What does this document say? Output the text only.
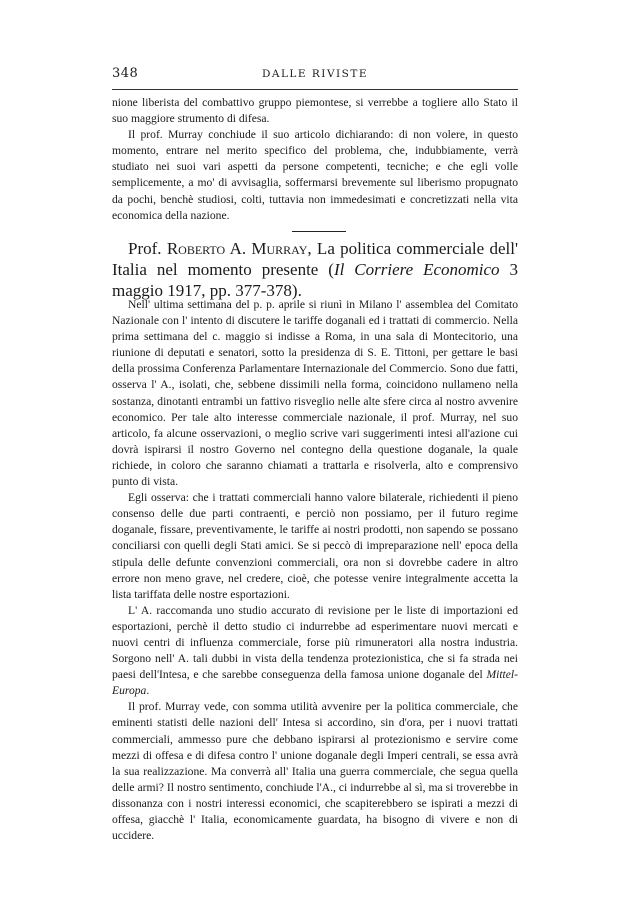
348	DALLE RIVISTE

nione liberista del combattivo gruppo piemontese, si verrebbe a togliere allo Stato il suo maggiore strumento di difesa.

Il prof. Murray conchiude il suo articolo dichiarando: di non volere, in questo momento, entrare nel merito specifico del problema, che, indubbiamente, verrà studiato nei suoi vari aspetti da persone competenti, tecniche; e che egli volle semplicemente, a mo' di avvisaglia, soffermarsi brevemente sul liberismo propugnato da pochi, benchè studiosi, colti, tuttavia non immedesimati e concretizzati nella vita economica della nazione.

Prof. Roberto A. Murray, La politica commerciale dell' Italia nel momento presente (Il Corriere Economico 3 maggio 1917, pp. 377-378).

Nell' ultima settimana del p. p. aprile si riunì in Milano l' assemblea del Comitato Nazionale con l' intento di discutere le tariffe doganali ed i trattati di commercio. Nella prima settimana del c. maggio si indisse a Roma, in una sala di Montecitorio, una riunione di deputati e senatori, sotto la presidenza di S. E. Tittoni, per gettare le basi della prossima Conferenza Parlamentare Internazionale del Commercio. Sono due fatti, osserva l' A., isolati, che, sebbene dissimili nella forma, coincidono nullameno nella sostanza, dinotanti entrambi un fattivo risveglio nelle alte sfere circa al nostro avvenire economico. Per tale alto interesse commerciale nazionale, il prof. Murray, nel suo articolo, fa alcune osservazioni, o meglio scrive vari suggerimenti intesi all'azione cui dovrà ispirarsi il nostro Governo nel contegno della questione doganale, la quale richiede, in coloro che saranno chiamati a trattarla e risolverla, alto e comprensivo punto di vista.

Egli osserva: che i trattati commerciali hanno valore bilaterale, richiedenti il pieno consenso delle due parti contraenti, e perciò non possiamo, per il futuro regime doganale, fissare, preventivamente, le tariffe ai nostri prodotti, non sapendo se possano conciliarsi con quelli degli Stati amici. Se si peccò di impreparazione nell' epoca della stipula delle defunte convenzioni commerciali, ora non si dovrebbe cadere in altro errore non meno grave, nel credere, cioè, che potesse venire integralmente accetta la lista tariffata delle nostre esportazioni.

L' A. raccomanda uno studio accurato di revisione per le liste di importazioni ed esportazioni, perchè il detto studio ci indurrebbe ad esperimentare nuovi mercati e nuovi centri di influenza commerciale, forse più rimuneratori alla nostra industria. Sorgono nell' A. tali dubbi in vista della tendenza protezionistica, che si fa strada nei paesi dell'Intesa, e che sarebbe conseguenza della famosa unione doganale del Mittel-Europa.

Il prof. Murray vede, con somma utilità avvenire per la politica commerciale, che eminenti statisti delle nazioni dell' Intesa si accordino, sin d'ora, per i nuovi trattati commerciali, ammesso pure che debbano ispirarsi al protezionismo e servire come mezzi di offesa e di difesa contro l' unione doganale degli Imperi centrali, se essa avrà la sua realizzazione. Ma converrà all' Italia una guerra commerciale, che segua quella delle armi? Il nostro sentimento, conchiude l'A., ci indurrebbe al sì, ma si troverebbe in dissonanza con i nostri interessi economici, che scapiterebbero se ispirati a mezzi di offesa, giacchè l' Italia, economicamente guardata, ha bisogno di vivere e non di uccidere.
